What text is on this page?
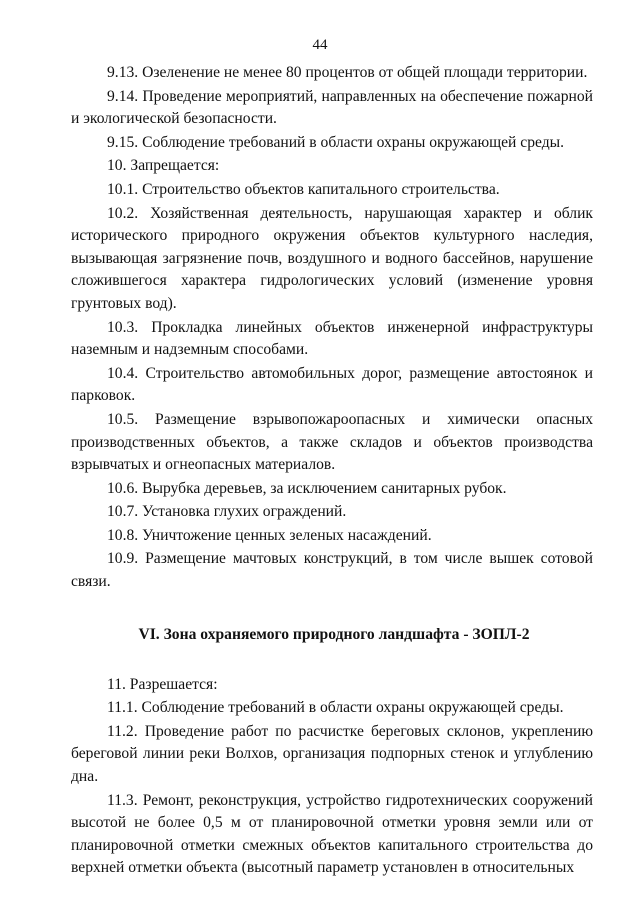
44

9.13. Озеленение не менее 80 процентов от общей площади территории.

9.14. Проведение мероприятий, направленных на обеспечение пожарной и экологической безопасности.

9.15. Соблюдение требований в области охраны окружающей среды.

10. Запрещается:

10.1. Строительство объектов капитального строительства.

10.2. Хозяйственная деятельность, нарушающая характер и облик исторического природного окружения объектов культурного наследия, вызывающая загрязнение почв, воздушного и водного бассейнов, нарушение сложившегося характера гидрологических условий (изменение уровня грунтовых вод).

10.3. Прокладка линейных объектов инженерной инфраструктуры наземным и надземным способами.

10.4. Строительство автомобильных дорог, размещение автостоянок и парковок.

10.5. Размещение взрывопожароопасных и химически опасных производственных объектов, а также складов и объектов производства взрывчатых и огнеопасных материалов.

10.6. Вырубка деревьев, за исключением санитарных рубок.

10.7. Установка глухих ограждений.

10.8. Уничтожение ценных зеленых насаждений.

10.9. Размещение мачтовых конструкций, в том числе вышек сотовой связи.

VI. Зона охраняемого природного ландшафта - ЗОПЛ-2

11. Разрешается:

11.1. Соблюдение требований в области охраны окружающей среды.

11.2. Проведение работ по расчистке береговых склонов, укреплению береговой линии реки Волхов, организация подпорных стенок и углублению дна.

11.3. Ремонт, реконструкция, устройство гидротехнических сооружений высотой не более 0,5 м от планировочной отметки уровня земли или от планировочной отметки смежных объектов капитального строительства до верхней отметки объекта (высотный параметр установлен в относительных
